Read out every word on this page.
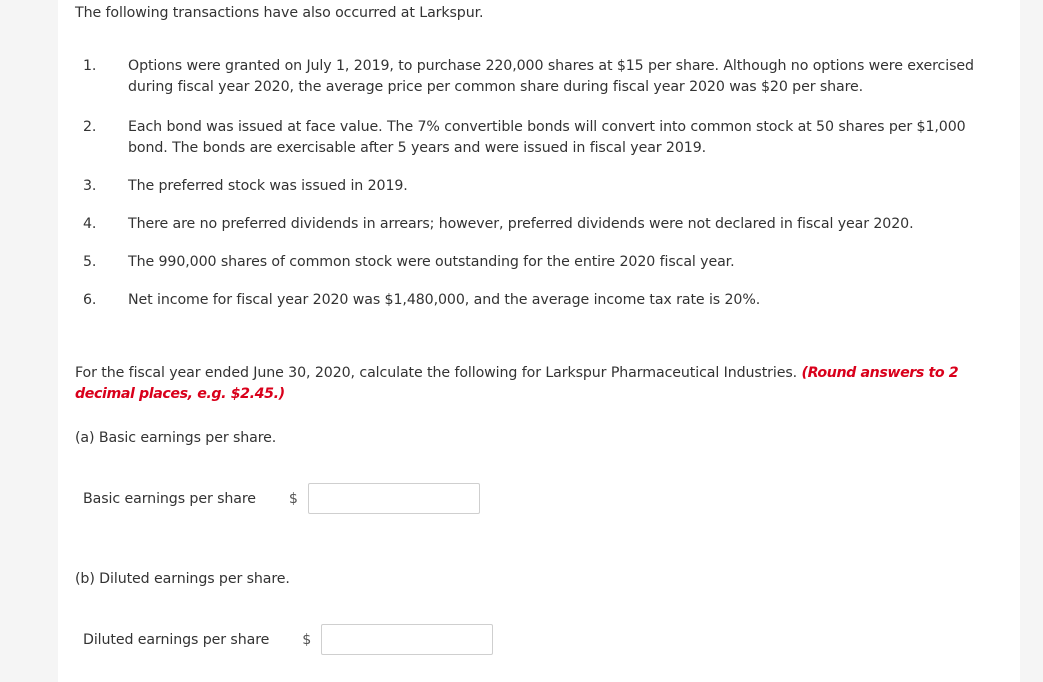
The following transactions have also occurred at Larkspur.
1.	Options were granted on July 1, 2019, to purchase 220,000 shares at $15 per share. Although no options were exercised during fiscal year 2020, the average price per common share during fiscal year 2020 was $20 per share.
2.	Each bond was issued at face value. The 7% convertible bonds will convert into common stock at 50 shares per $1,000 bond. The bonds are exercisable after 5 years and were issued in fiscal year 2019.
3.	The preferred stock was issued in 2019.
4.	There are no preferred dividends in arrears; however, preferred dividends were not declared in fiscal year 2020.
5.	The 990,000 shares of common stock were outstanding for the entire 2020 fiscal year.
6.	Net income for fiscal year 2020 was $1,480,000, and the average income tax rate is 20%.
For the fiscal year ended June 30, 2020, calculate the following for Larkspur Pharmaceutical Industries. (Round answers to 2 decimal places, e.g. $2.45.)
(a) Basic earnings per share.
Basic earnings per share $
(b) Diluted earnings per share.
Diluted earnings per share $
